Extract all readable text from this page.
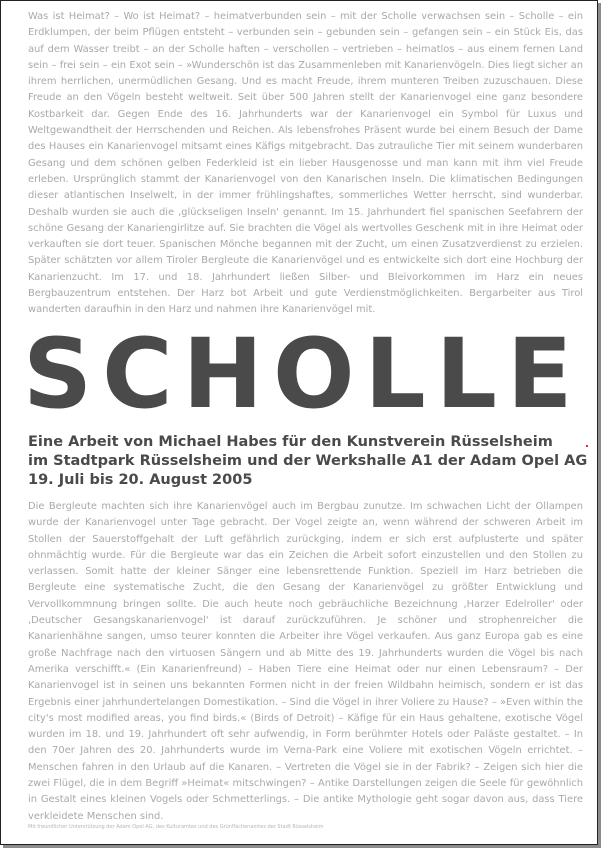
Was ist Heimat? – Wo ist Heimat? – heimatverbunden sein – mit der Scholle verwachsen sein – Scholle – ein Erdklumpen, der beim Pflügen entsteht – verbunden sein – gebunden sein – gefangen sein – ein Stück Eis, das auf dem Wasser treibt – an der Scholle haften – verschollen – vertrieben – heimatlos – aus einem fernen Land sein – frei sein – ein Exot sein – »Wunderschön ist das Zusammenleben mit Kanarienvögeln. Dies liegt sicher an ihrem herrlichen, unermüdlichen Gesang. Und es macht Freude, ihrem munteren Treiben zuzuschauen. Diese Freude an den Vögeln besteht weltweit. Seit über 500 Jahren stellt der Kanarienvogel eine ganz besondere Kostbarkeit dar. Gegen Ende des 16. Jahrhunderts war der Kanarienvogel ein Symbol für Luxus und Weltgewandtheit der Herrschenden und Reichen. Als lebensfrohes Präsent wurde bei einem Besuch der Dame des Hauses ein Kanarienvogel mitsamt eines Käfigs mitgebracht. Das zutrauliche Tier mit seinem wunderbaren Gesang und dem schönen gelben Federkleid ist ein lieber Hausgenosse und man kann mit ihm viel Freude erleben. Ursprünglich stammt der Kanarienvogel von den Kanarischen Inseln. Die klimatischen Bedingungen dieser atlantischen Inselwelt, in der immer frühlingshaftes, sommerliches Wetter herrscht, sind wunderbar. Deshalb wurden sie auch die ‚glückseligen Inseln' genannt. Im 15. Jahrhundert fiel spanischen Seefahrern der schöne Gesang der Kanariengirlitze auf. Sie brachten die Vögel als wertvolles Geschenk mit in ihre Heimat oder verkauften sie dort teuer. Spanischen Mönche begannen mit der Zucht, um einen Zusatzverdienst zu erzielen. Später schätzten vor allem Tiroler Bergleute die Kanarienvögel und es entwickelte sich dort eine Hochburg der Kanarienzucht. Im 17. und 18. Jahrhundert ließen Silber- und Bleivorkommen im Harz ein neues Bergbauzentrum entstehen. Der Harz bot Arbeit und gute Verdienstmöglichkeiten. Bergarbeiter aus Tirol wanderten daraufhin in den Harz und nahmen ihre Kanarienvögel mit.

SCHOLLE
Eine Arbeit von Michael Habes für den Kunstverein Rüsselsheim
im Stadtpark Rüsselsheim und der Werkshalle A1 der Adam Opel AG
19. Juli bis 20. August 2005

Die Bergleute machten sich ihre Kanarienvögel auch im Bergbau zunutze. Im schwachen Licht der Ollampen wurde der Kanarienvogel unter Tage gebracht. Der Vogel zeigte an, wenn während der schweren Arbeit im Stollen der Sauerstoffgehalt der Luft gefährlich zurückging, indem er sich erst aufplusterte und später ohnmächtig wurde. Für die Bergleute war das ein Zeichen die Arbeit sofort einzustellen und den Stollen zu verlassen. Somit hatte der kleiner Sänger eine lebensrettende Funktion. Speziell im Harz betrieben die Bergleute eine systematische Zucht, die den Gesang der Kanarienvögel zu größter Entwicklung und Vervollkommnung bringen sollte. Die auch heute noch gebräuchliche Bezeichnung ‚Harzer Edelroller' oder ‚Deutscher Gesangskanarienvogel' ist darauf zurückzuführen. Je schöner und strophenreicher die Kanarienhähne sangen, umso teurer konnten die Arbeiter ihre Vögel verkaufen. Aus ganz Europa gab es eine große Nachfrage nach den virtuosen Sängern und ab Mitte des 19. Jahrhunderts wurden die Vögel bis nach Amerika verschifft.« (Ein Kanarienfreund) – Haben Tiere eine Heimat oder nur einen Lebensraum? – Der Kanarienvogel ist in seinen uns bekannten Formen nicht in der freien Wildbahn heimisch, sondern er ist das Ergebnis einer jahrhundertelangen Domestikation. – Sind die Vögel in ihrer Voliere zu Hause? – »Even within the city's most modified areas, you find birds.« (Birds of Detroit) – Käfige für ein Haus gehaltene, exotische Vögel wurden im 18. und 19. Jahrhundert oft sehr aufwendig, in Form berühmter Hotels oder Paläste gestaltet. – In den 70er Jahren des 20. Jahrhunderts wurde im Verna-Park eine Voliere mit exotischen Vögeln errichtet. – Menschen fahren in den Urlaub auf die Kanaren. – Vertreten die Vögel sie in der Fabrik? – Zeigen sich hier die zwei Flügel, die in dem Begriff »Heimat« mitschwingen? – Antike Darstellungen zeigen die Seele für gewöhnlich in Gestalt eines kleinen Vogels oder Schmetterlings. – Die antike Mythologie geht sogar davon aus, dass Tiere verkleidete Menschen sind.

Mit freundlicher Unterstützung der Adam Opel AG, des Kulturamtes und des Grünflächenamtes der Stadt Rüsselsheim
